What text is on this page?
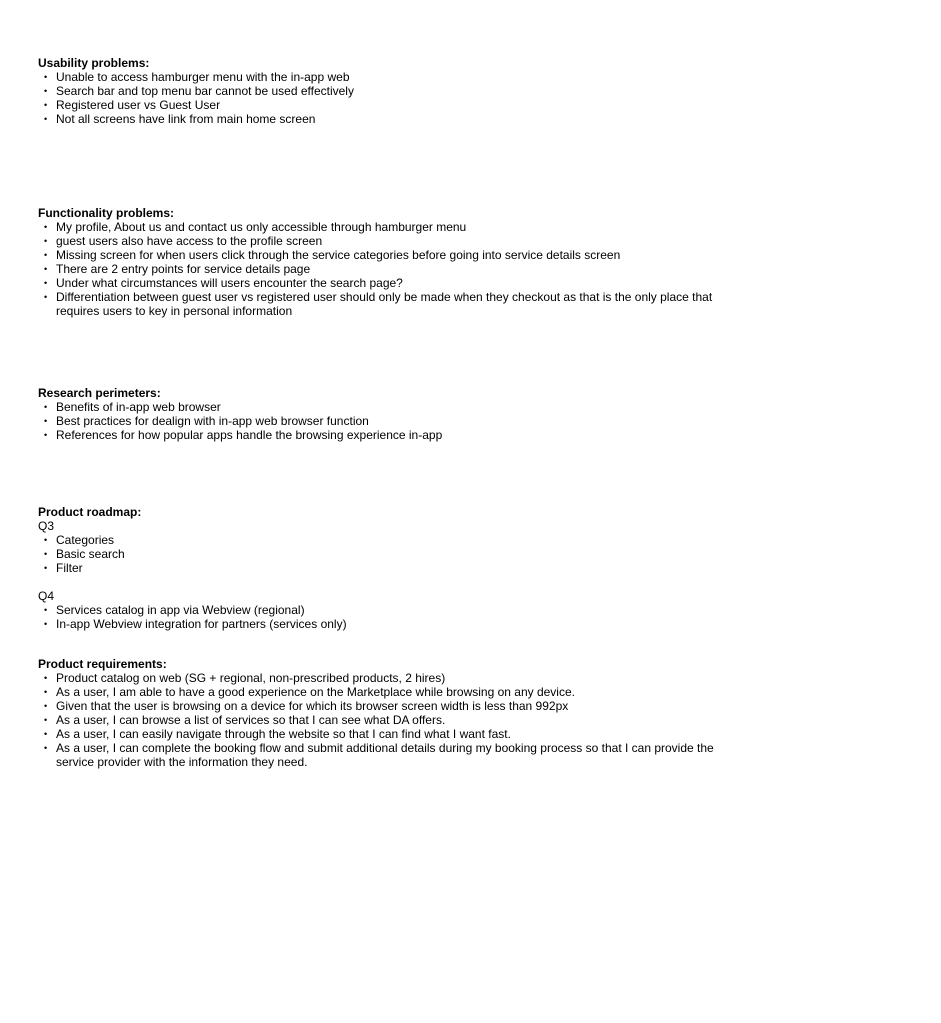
Usability problems:
• Unable to access hamburger menu with the in-app web
• Search bar and top menu bar cannot be used effectively
• Registered user vs Guest User
• Not all screens have link from main home screen
Functionality problems:
• My profile, About us and contact us only accessible through hamburger menu
• guest users also have access to the profile screen
• Missing screen for when users click through the service categories before going into service details screen
• There are 2 entry points for service details page
• Under what circumstances will users encounter the search page?
• Differentiation between guest user vs registered user should only be made when they checkout as that is the only place that requires users to key in personal information
Research perimeters:
• Benefits of in-app web browser
• Best practices for dealign with in-app web browser function
• References for how popular apps handle the browsing experience in-app
Product roadmap:
Q3
• Categories
• Basic search
• Filter
Q4
• Services catalog in app via Webview (regional)
• In-app Webview integration for partners (services only)
Product requirements:
• Product catalog on web (SG + regional, non-prescribed products, 2 hires)
• As a user, I am able to have a good experience on the Marketplace while browsing on any device.
• Given that the user is browsing on a device for which its browser screen width is less than 992px
• As a user, I can browse a list of services so that I can see what DA offers.
• As a user, I can easily navigate through the website so that I can find what I want fast.
• As a user, I can complete the booking flow and submit additional details during my booking process so that I can provide the service provider with the information they need.
